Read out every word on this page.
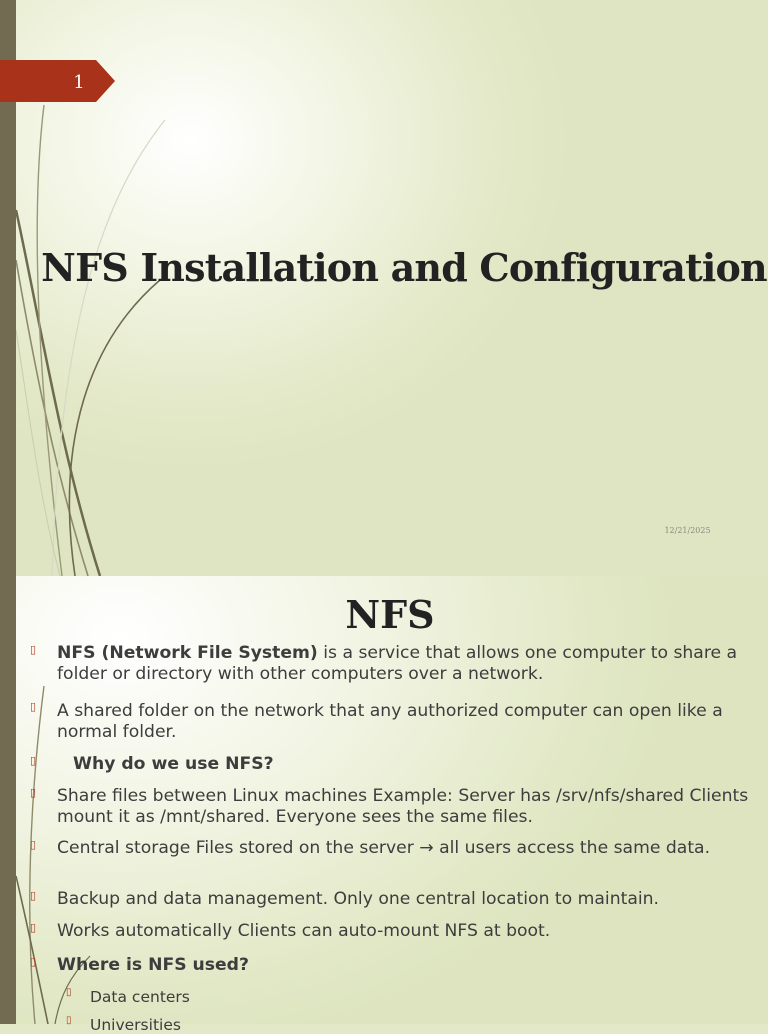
1
NFS Installation and Configuration
12/21/2025
NFS
▯ NFS (Network File System) is a service that allows one computer to share a folder or directory with other computers over a network.
▯ A shared folder on the network that any authorized computer can open like a normal folder.
▯ Why do we use NFS?
▯ Share files between Linux machines Example: Server has /srv/nfs/shared Clients mount it as /mnt/shared. Everyone sees the same files.
▯ Central storage Files stored on the server → all users access the same data.
▯ Backup and data management. Only one central location to maintain.
▯ Works automatically Clients can auto-mount NFS at boot.
▯ Where is NFS used?
▯ Data centers
▯ Universities
